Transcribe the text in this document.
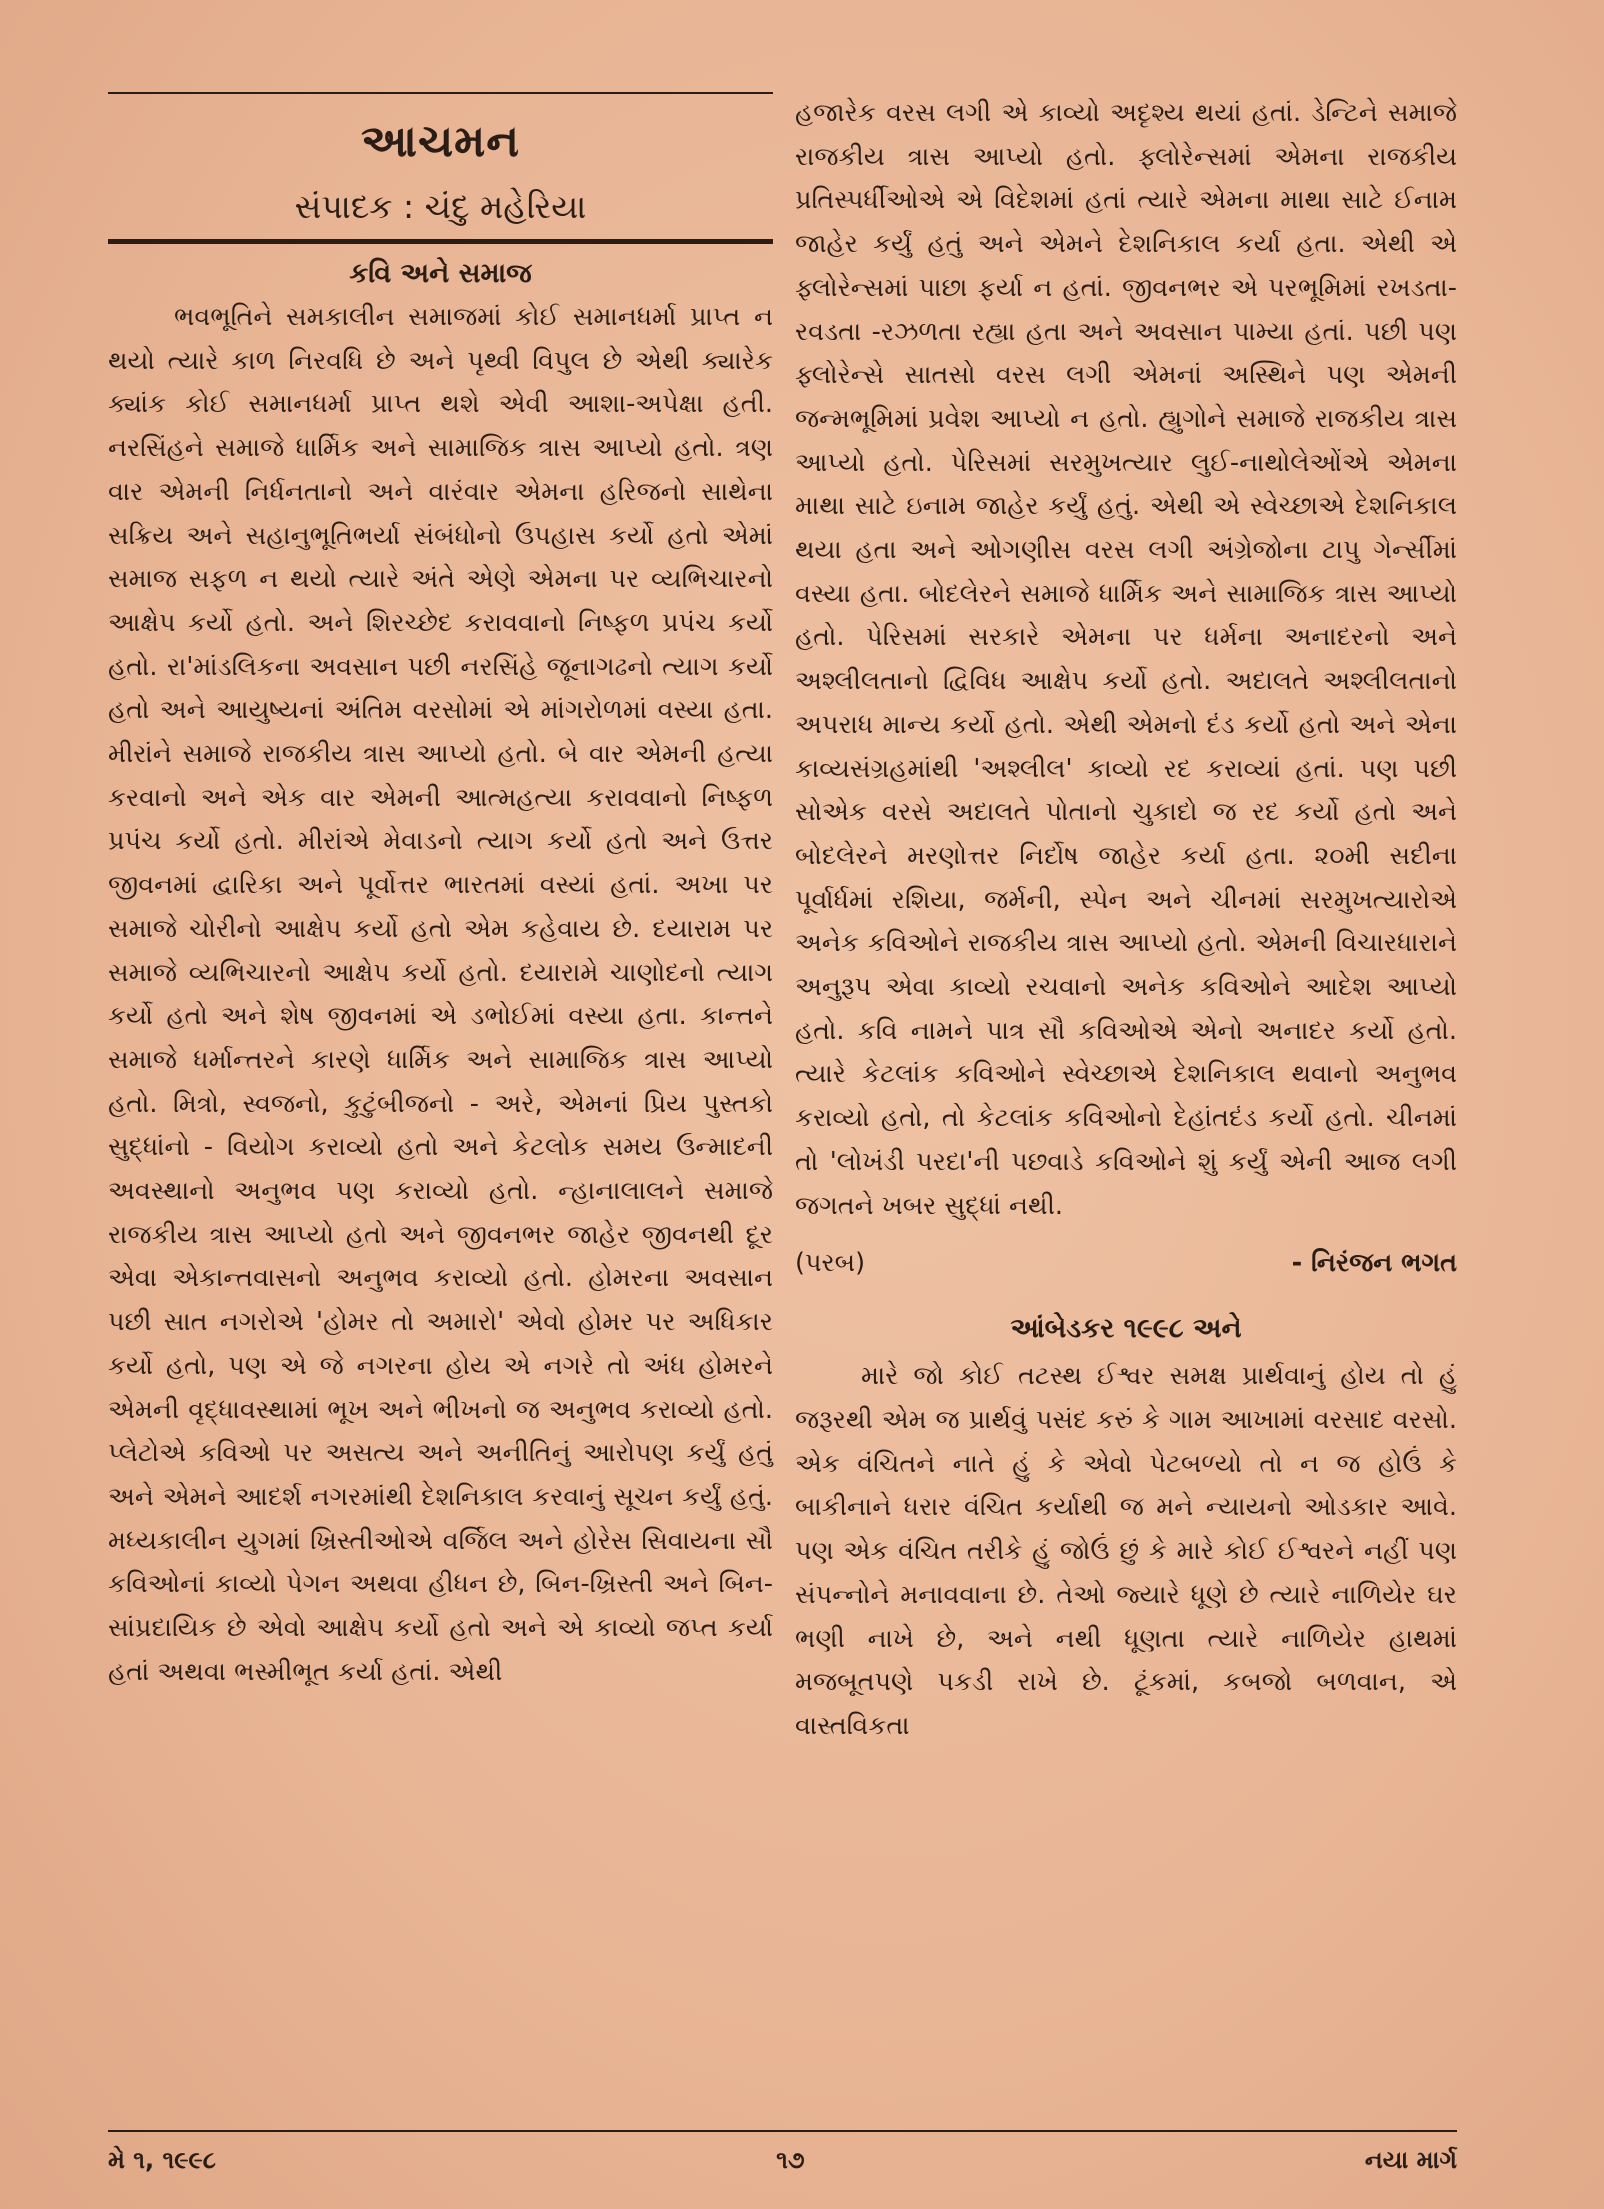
આચમન
સંપાદક : ચંદુ મહેરિયા
કવિ અને સમાજ

ભવભૂતિને સમકાલીન સમાજમાં કોઈ સમાનધર્મા પ્રાપ્ત ન થયો ત્યારે કાળ નિરવધિ છે અને પૃથ્વી વિપુલ છે એથી ક્યારેક ક્યાંક કોઈ સમાનધર્મા પ્રાપ્ત થશે એવી આશા-અપેક્ષા હતી. નરસિંહને સમાજે ધાર્મિક અને સામાજિક ત્રાસ આપ્યો હતો. ત્રણ વાર એમની નિર્ધનતાનો અને વારંવાર એમના હરિજનો સાથેના સક્રિય અને સહાનુભૂતિભર્યા સંબંધોનો ઉપહાસ કર્યો હતો એમાં સમાજ સફળ ન થયો ત્યારે અંતે એણે એમના પર વ્યભિચારનો આક્ષેપ કર્યો હતો. અને શિરચ્છેદ કરાવવાનો નિષ્ફળ પ્રપંચ કર્યો હતો. રા'માંડલિકના અવસાન પછી નરસિંહે જૂનાગઢનો ત્યાગ કર્યો હતો અને આયુષ્યનાં અંતિમ વરસોમાં એ માંગરોળમાં વસ્યા હતા. મીરાંને સમાજે રાજકીય ત્રાસ આપ્યો હતો. બે વાર એમની હત્યા કરવાનો અને એક વાર એમની આત્મહત્યા કરાવવાનો નિષ્ફળ પ્રપંચ કર્યો હતો. મીરાંએ મેવાડનો ત્યાગ કર્યો હતો અને ઉત્તર જીવનમાં દ્વારિકા અને પૂર્વોત્તર ભારતમાં વસ્યાં હતાં. અખા પર સમાજે ચોરીનો આક્ષેપ કર્યો હતો એમ કહેવાય છે. દયારામ પર સમાજે વ્યભિચારનો આક્ષેપ કર્યો હતો. દયારામે ચાણોદનો ત્યાગ કર્યો હતો અને શેષ જીવનમાં એ ડભોઈમાં વસ્યા હતા. કાન્તને સમાજે ધર્માન્તરને કારણે ધાર્મિક અને સામાજિક ત્રાસ આપ્યો હતો. મિત્રો, સ્વજનો, કુટુંબીજનો - અરે, એમનાં પ્રિય પુસ્તકો સુદ્ધાંનો - વિયોગ કરાવ્યો હતો અને કેટલોક સમય ઉન્માદની અવસ્થાનો અનુભવ પણ કરાવ્યો હતો. ન્હાનાલાલને સમાજે રાજકીય ત્રાસ આપ્યો હતો અને જીવનભર જાહેર જીવનથી દૂર એવા એકાન્તવાસનો અનુભવ કરાવ્યો હતો. હોમરના અવસાન પછી સાત નગરોએ 'હોમર તો અમારો' એવો હોમર પર અધિકાર કર્યો હતો, પણ એ જે નગરના હોય એ નગરે તો અંધ હોમરને એમની વૃદ્ધાવસ્થામાં ભૂખ અને ભીખનો જ અનુભવ કરાવ્યો હતો. પ્લેટોએ કવિઓ પર અસત્ય અને અનીતિનું આરોપણ કર્યું હતું અને એમને આદર્શ નગરમાંથી દેશનિકાલ કરવાનું સૂચન કર્યું હતું. મધ્યકાલીન યુગમાં ખ્રિસ્તીઓએ વર્જિલ અને હોરેસ સિવાયના સૌ કવિઓનાં કાવ્યો પેગન અથવા હીધન છે, બિન-ખ્રિસ્તી અને બિન-સાંપ્રદાયિક છે એવો આક્ષેપ કર્યો હતો અને એ કાવ્યો જપ્ત કર્યા હતાં અથવા ભસ્મીભૂત કર્યા હતાં. એથી

હજારેક વરસ લગી એ કાવ્યો અદૃશ્ય થયાં હતાં. ડેન્ટિને સમાજે રાજકીય ત્રાસ આપ્યો હતો. ફ્લોરેન્સમાં એમના રાજકીય પ્રતિસ્પર્ધીઓએ એ વિદેશમાં હતાં ત્યારે એમના માથા સાટે ઈનામ જાહેર કર્યું હતું અને એમને દેશનિકાલ કર્યા હતા. એથી એ ફ્લોરેન્સમાં પાછા ફર્યા ન હતાં. જીવનભર એ પરભૂમિમાં રખડતા-રવડતા -રઝળતા રહ્યા હતા અને અવસાન પામ્યા હતાં. પછી પણ ફ્લોરેન્સે સાતસો વરસ લગી એમનાં અસ્થિને પણ એમની જન્મભૂમિમાં પ્રવેશ આપ્યો ન હતો. હ્યુગોને સમાજે રાજકીય ત્રાસ આપ્યો હતો. પેરિસમાં સરમુખત્યાર લુઈ-નાથોલેઓંએ એમના માથા સાટે ઇનામ જાહેર કર્યું હતું. એથી એ સ્વેચ્છાએ દેશનિકાલ થયા હતા અને ઓગણીસ વરસ લગી અંગ્રેજોના ટાપુ ગેર્ન્સીમાં વસ્યા હતા. બોદલેરને સમાજે ધાર્મિક અને સામાજિક ત્રાસ આપ્યો હતો. પેરિસમાં સરકારે એમના પર ધર્મના અનાદરનો અને અશ્લીલતાનો દ્વિવિધ આક્ષેપ કર્યો હતો. અદાલતે અશ્લીલતાનો અપરાધ માન્ય કર્યો હતો. એથી એમનો દંડ કર્યો હતો અને એના કાવ્યસંગ્રહમાંથી 'અશ્લીલ' કાવ્યો રદ કરાવ્યાં હતાં. પણ પછી સોએક વરસે અદાલતે પોતાનો ચુકાદો જ રદ કર્યો હતો અને બોદલેરને મરણોત્તર નિર્દોષ જાહેર કર્યા હતા. ૨૦મી સદીના પૂર્વાર્ધમાં રશિયા, જર્મની, સ્પેન અને ચીનમાં સરમુખત્યારોએ અનેક કવિઓને રાજકીય ત્રાસ આપ્યો હતો. એમની વિચારધારાને અનુરૂપ એવા કાવ્યો રચવાનો અનેક કવિઓને આદેશ આપ્યો હતો. કવિ નામને પાત્ર સૌ કવિઓએ એનો અનાદર કર્યો હતો. ત્યારે કેટલાંક કવિઓને સ્વેચ્છાએ દેશનિકાલ થવાનો અનુભવ કરાવ્યો હતો, તો કેટલાંક કવિઓનો દેહાંતદંડ કર્યો હતો. ચીનમાં તો 'લોખંડી પરદા'ની પછવાડે કવિઓને શું કર્યું એની આજ લગી જગતને ખબર સુદ્ધાં નથી.

(પરબ)	- નિરંજન ભગત
આંબેડકર ૧૯૯૮ અને

મારે જો કોઈ તટસ્થ ઈશ્વર સમક્ષ પ્રાર્થવાનું હોય તો હું જરૂરથી એમ જ પ્રાર્થવું પસંદ કરું કે ગામ આખામાં વરસાદ વરસો. એક વંચિતને નાતે હું કે એવો પેટબળ્યો તો ન જ હોઉં કે બાકીનાને ધરાર વંચિત કર્યાથી જ મને ન્યાયનો ઓડકાર આવે. પણ એક વંચિત તરીકે હું જોઉં છું કે મારે કોઈ ઈશ્વરને નહીં પણ સંપન્નોને મનાવવાના છે. તેઓ જ્યારે ધૂણે છે ત્યારે નાળિયેર ઘર ભણી નાખે છે, અને નથી ધૂણતા ત્યારે નાળિયેર હાથમાં મજબૂતપણે પકડી રાખે છે. ટૂંકમાં, કબજો બળવાન, એ વાસ્તવિકતા

મે ૧, ૧૯૯૮	૧૭	નયા માર્ગ
